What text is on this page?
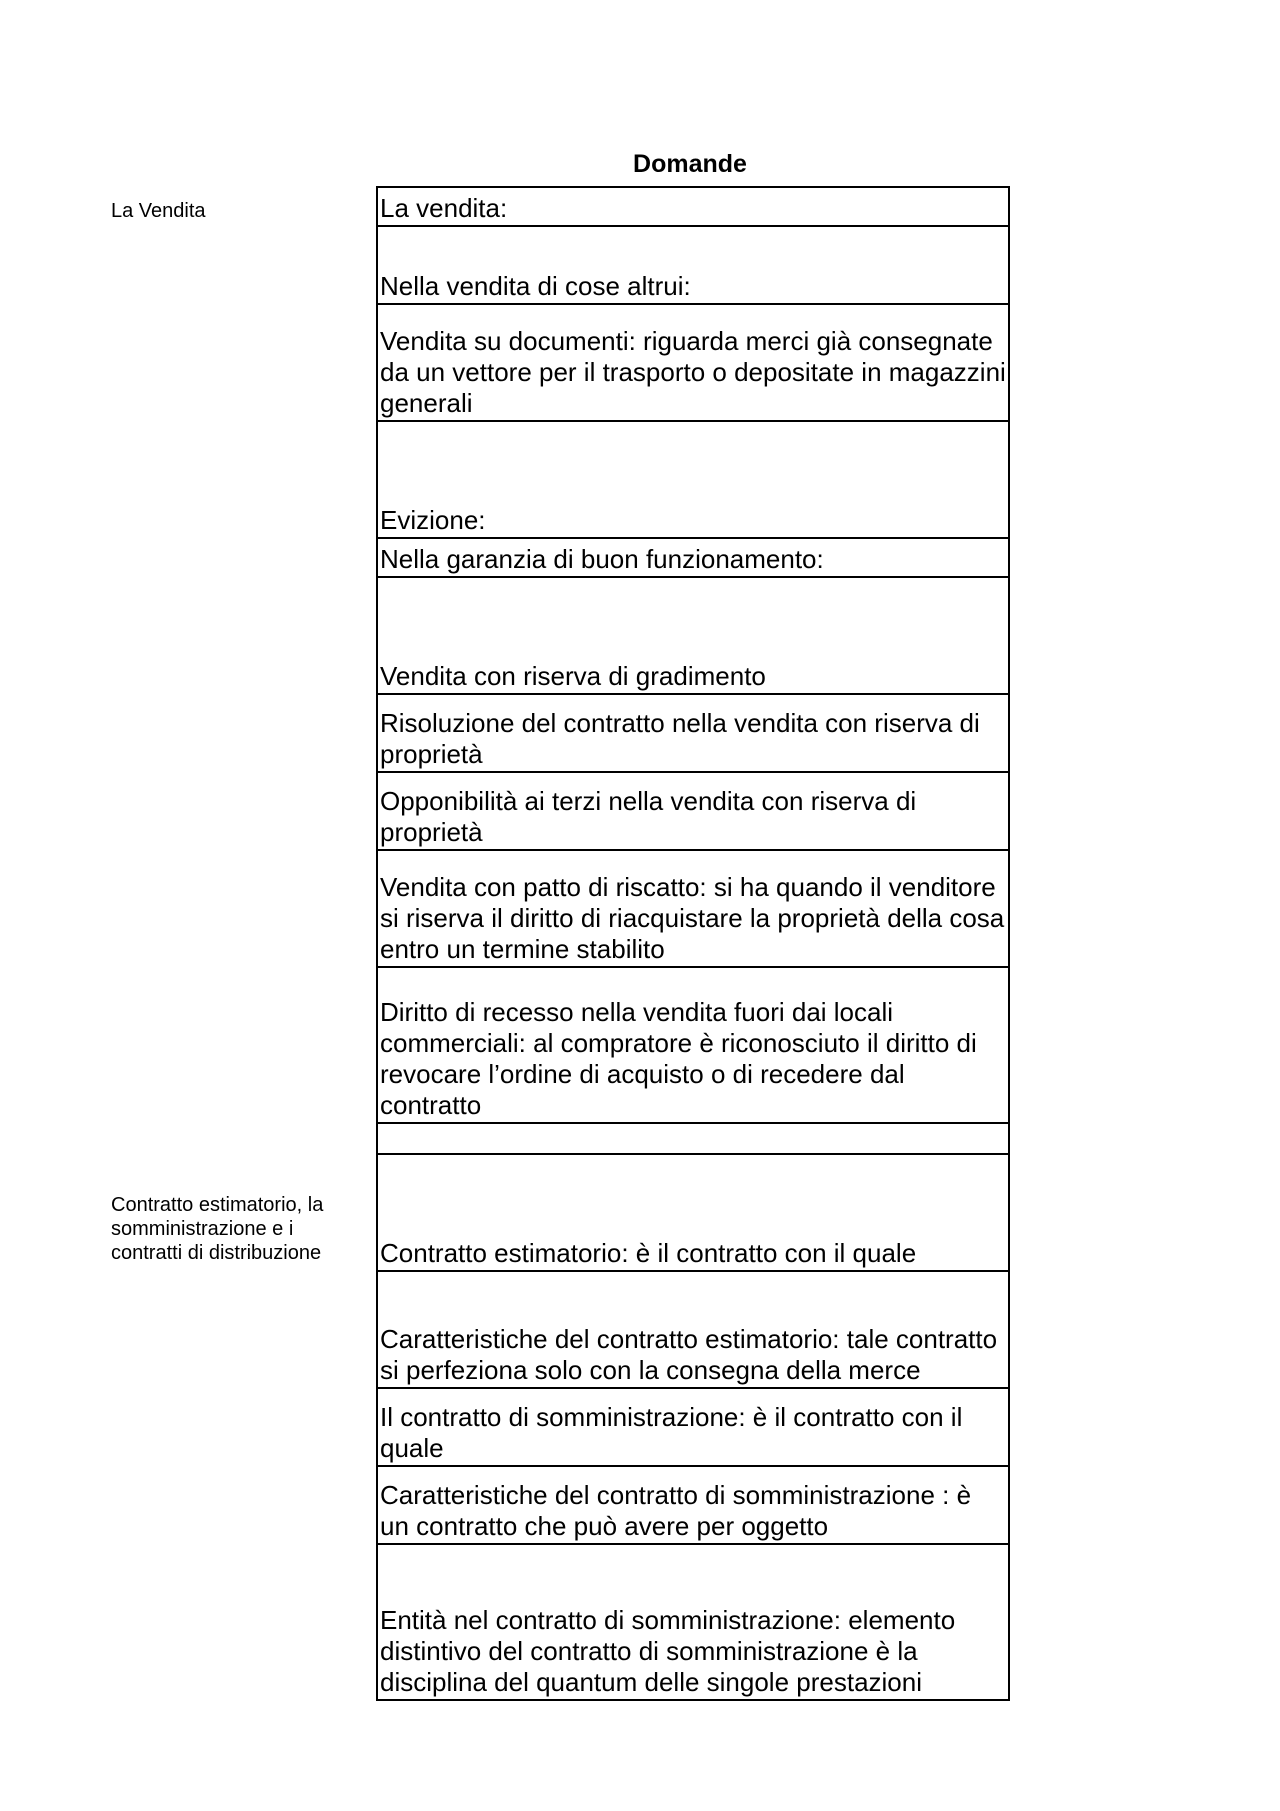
Domande
La Vendita
Contratto estimatorio, la somministrazione e i contratti di distribuzione
La vendita:
Nella vendita di cose altrui:
Vendita su documenti: riguarda merci già consegnate da un vettore per il trasporto o depositate in magazzini generali
Evizione:
Nella garanzia di buon funzionamento:
Vendita con riserva di gradimento
Risoluzione del contratto nella vendita con riserva di proprietà
Opponibilità ai terzi nella vendita con riserva di proprietà
Vendita con patto di riscatto: si ha quando il venditore si riserva il diritto di riacquistare la proprietà della cosa entro un termine stabilito
Diritto di recesso nella vendita fuori dai locali commerciali: al compratore è riconosciuto il diritto di revocare l’ordine di acquisto o di recedere dal contratto
Contratto estimatorio: è il contratto con il quale
Caratteristiche del contratto estimatorio: tale contratto si perfeziona solo con la consegna della merce
Il contratto di somministrazione: è il contratto con il quale
Caratteristiche del contratto di somministrazione : è un contratto che può avere per oggetto
Entità nel contratto di somministrazione: elemento distintivo del contratto di somministrazione è la disciplina del quantum delle singole prestazioni
